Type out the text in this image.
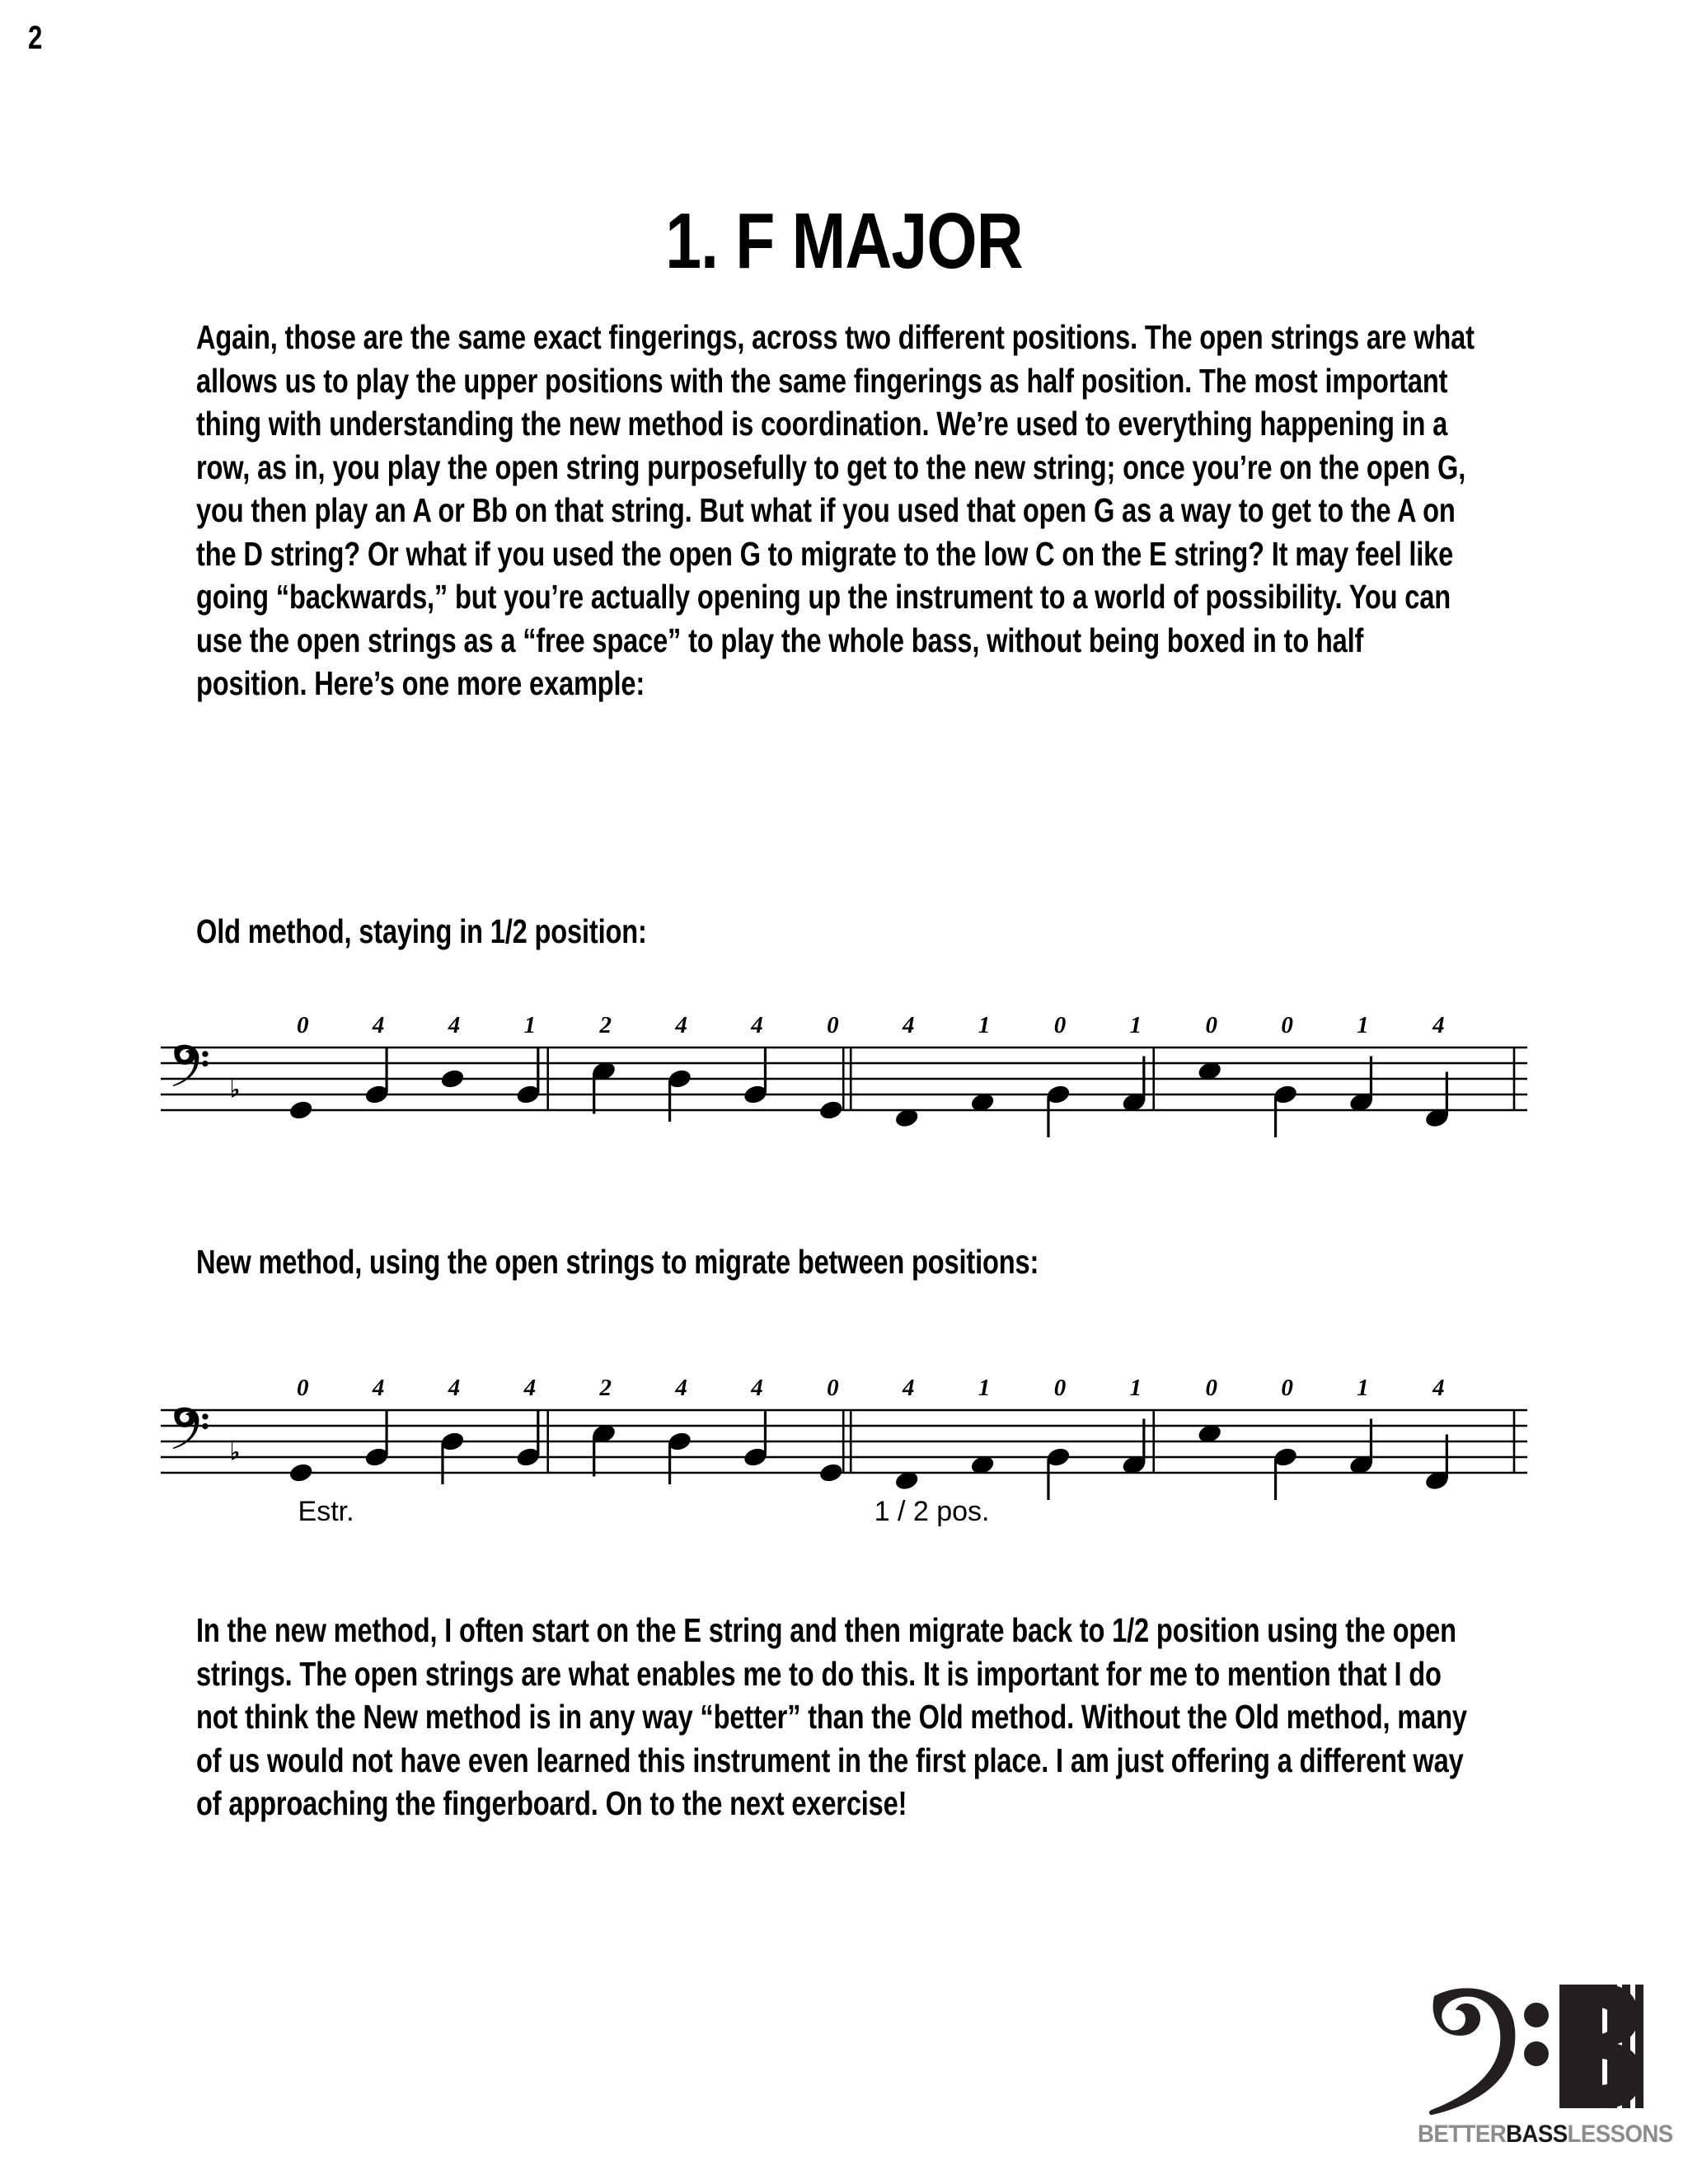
2
1. F MAJOR
Again, those are the same exact fingerings, across two different positions. The open strings are what allows us to play the upper positions with the same fingerings as half position. The most important thing with understanding the new method is coordination. We’re used to everything happening in a row, as in, you play the open string purposefully to get to the new string; once you’re on the open G, you then play an A or Bb on that string. But what if you used that open G as a way to get to the A on the D string? Or what if you used the open G to migrate to the low C on the E string? It may feel like going “backwards,” but you’re actually opening up the instrument to a world of possibility. You can use the open strings as a “free space” to play the whole bass, without being boxed in to half position. Here’s one more example:
Old method, staying in 1/2 position:
0	4	4	1	2	4	4	0	4	1	0	1	0	0	1	4
New method, using the open strings to migrate between positions:
0	4	4	4	2	4	4	0	4	1	0	1	0	0	1	4
Estr.	1 / 2 pos.
In the new method, I often start on the E string and then migrate back to 1/2 position using the open strings. The open strings are what enables me to do this. It is important for me to mention that I do not think the New method is in any way “better” than the Old method. Without the Old method, many of us would not have even learned this instrument in the first place. I am just offering a different way of approaching the fingerboard. On to the next exercise!
BETTERBASSLESSONS
